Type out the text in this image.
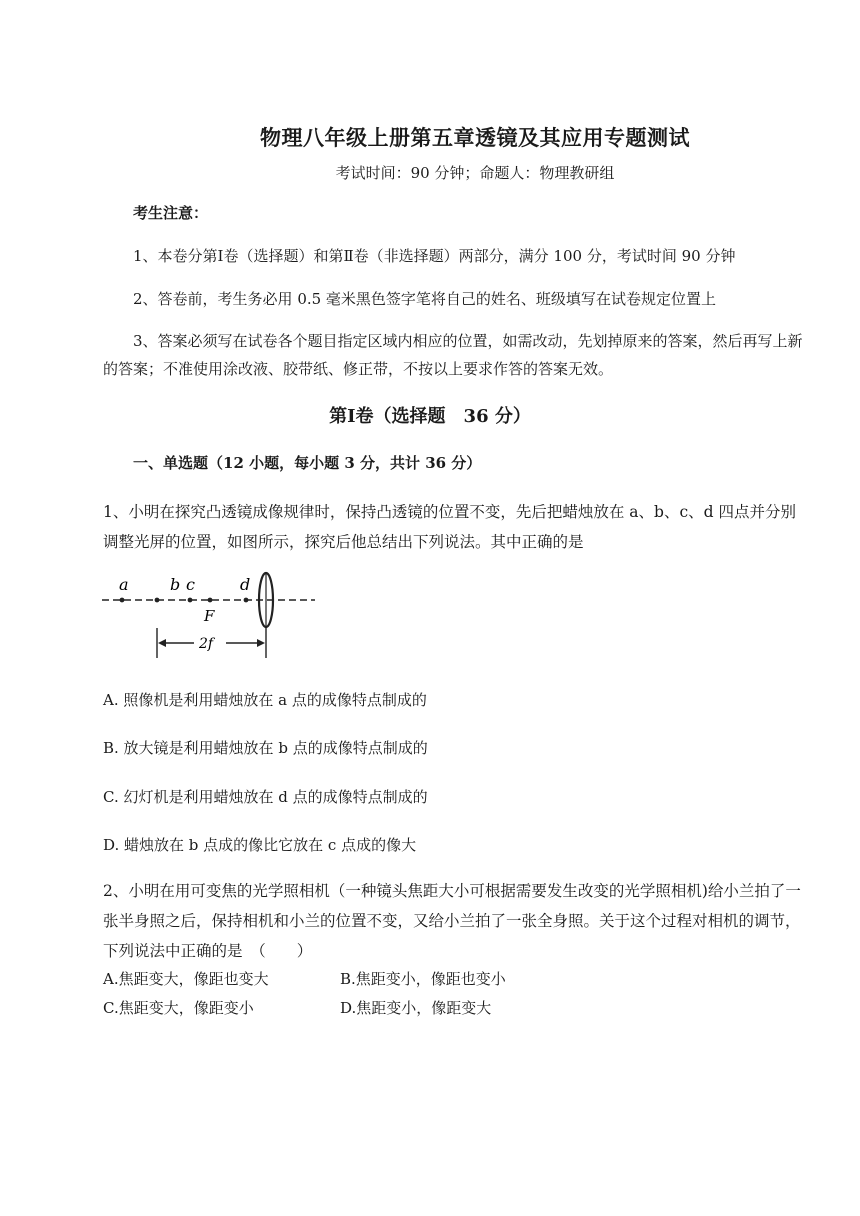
物理八年级上册第五章透镜及其应用专题测试
考试时间：90 分钟；命题人：物理教研组
考生注意：
1、本卷分第Ⅰ卷（选择题）和第Ⅱ卷（非选择题）两部分，满分 100 分，考试时间 90 分钟
2、答卷前，考生务必用 0.5 毫米黑色签字笔将自己的姓名、班级填写在试卷规定位置上
3、答案必须写在试卷各个题目指定区域内相应的位置，如需改动，先划掉原来的答案，然后再写上新的答案；不准使用涂改液、胶带纸、修正带，不按以上要求作答的答案无效。
第Ⅰ卷（选择题　36 分）
一、单选题（12 小题，每小题 3 分，共计 36 分）
1、小明在探究凸透镜成像规律时，保持凸透镜的位置不变，先后把蜡烛放在 a、b、c、d 四点并分别调整光屏的位置，如图所示，探究后他总结出下列说法。其中正确的是
a	b c	d
F
2f
A. 照像机是利用蜡烛放在 a 点的成像特点制成的
B. 放大镜是利用蜡烛放在 b 点的成像特点制成的
C. 幻灯机是利用蜡烛放在 d 点的成像特点制成的
D. 蜡烛放在 b 点成的像比它放在 c 点成的像大
2、小明在用可变焦的光学照相机（一种镜头焦距大小可根据需要发生改变的光学照相机)给小兰拍了一张半身照之后，保持相机和小兰的位置不变，又给小兰拍了一张全身照。关于这个过程对相机的调节，下列说法中正确的是　（　　）
A.焦距变大，像距也变大	B.焦距变小，像距也变小
C.焦距变大，像距变小	D.焦距变小，像距变大
